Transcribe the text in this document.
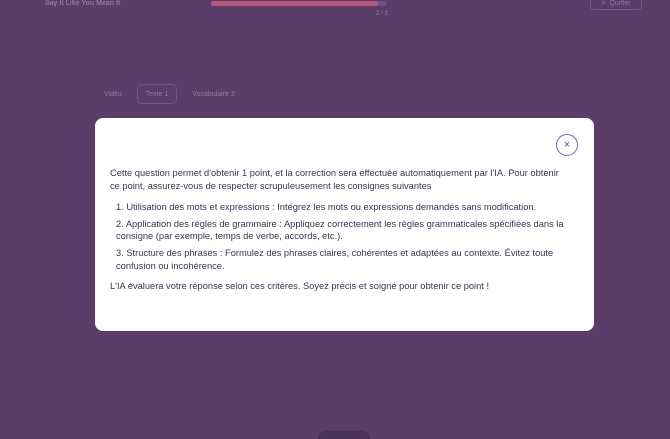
Say It Like You Mean It
2 / 3
× Quitter
Vidéo	Texte 1	Vocabulaire 2
×

Cette question permet d'obtenir 1 point, et la correction sera effectuée automatiquement par l'IA. Pour obtenir ce point, assurez-vous de respecter scrupuleusement les consignes suivantes

1. Utilisation des mots et expressions : Intégrez les mots ou expressions demandés sans modification.
2. Application des règles de grammaire : Appliquez correctement les règles grammaticales spécifiées dans la consigne (par exemple, temps de verbe, accords, etc.).
3. Structure des phrases : Formulez des phrases claires, cohérentes et adaptées au contexte. Évitez toute confusion ou incohérence.

L'IA évaluera votre réponse selon ces critères. Soyez précis et soigné pour obtenir ce point !
